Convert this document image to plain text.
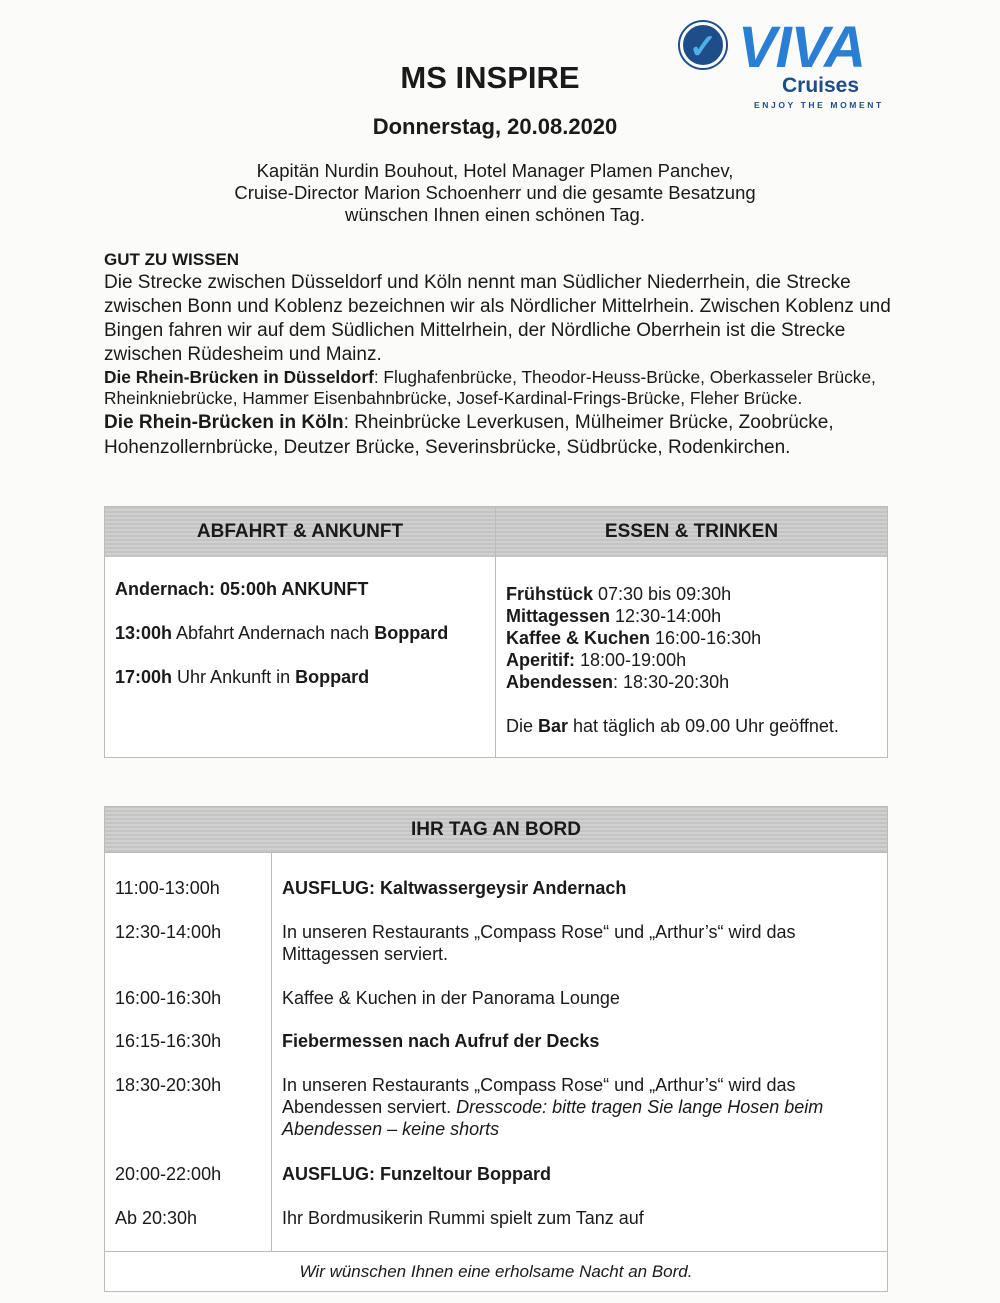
✓ VIVA
Cruises
ENJOY THE MOMENT
MS INSPIRE
Donnerstag, 20.08.2020
Kapitän Nurdin Bouhout, Hotel Manager Plamen Panchev,
Cruise-Director Marion Schoenherr und die gesamte Besatzung
wünschen Ihnen einen schönen Tag.
GUT ZU WISSEN

Die Strecke zwischen Düsseldorf und Köln nennt man Südlicher Niederrhein, die Strecke zwischen Bonn und Koblenz bezeichnen wir als Nördlicher Mittelrhein. Zwischen Koblenz und Bingen fahren wir auf dem Südlichen Mittelrhein, der Nördliche Oberrhein ist die Strecke zwischen Rüdesheim und Mainz.

Die Rhein-Brücken in Düsseldorf: Flughafenbrücke, Theodor-Heuss-Brücke, Oberkasseler Brücke, Rheinkniebrücke, Hammer Eisenbahnbrücke, Josef-Kardinal-Frings-Brücke, Fleher Brücke.

Die Rhein-Brücken in Köln: Rheinbrücke Leverkusen, Mülheimer Brücke, Zoobrücke, Hohenzollernbrücke, Deutzer Brücke, Severinsbrücke, Südbrücke, Rodenkirchen.

ABFAHRT & ANKUNFT
Andernach: 05:00h ANKUNFT
13:00h Abfahrt Andernach nach Boppard
17:00h Uhr Ankunft in Boppard
ESSEN & TRINKEN
Frühstück 07:30 bis 09:30h
Mittagessen 12:30-14:00h
Kaffee & Kuchen 16:00-16:30h
Aperitif: 18:00-19:00h
Abendessen: 18:30-20:30h
Die Bar hat täglich ab 09.00 Uhr geöffnet.
IHR TAG AN BORD
11:00-13:00h	AUSFLUG: Kaltwassergeysir Andernach
12:30-14:00h	In unseren Restaurants „Compass Rose“ und „Arthur’s“ wird das Mittagessen serviert.
16:00-16:30h	Kaffee & Kuchen in der Panorama Lounge
16:15-16:30h	Fiebermessen nach Aufruf der Decks
18:30-20:30h	In unseren Restaurants „Compass Rose“ und „Arthur’s“ wird das Abendessen serviert. Dresscode: bitte tragen Sie lange Hosen beim Abendessen – keine shorts
20:00-22:00h	AUSFLUG: Funzeltour Boppard
Ab 20:30h	Ihr Bordmusikerin Rummi spielt zum Tanz auf
Wir wünschen Ihnen eine erholsame Nacht an Bord.
